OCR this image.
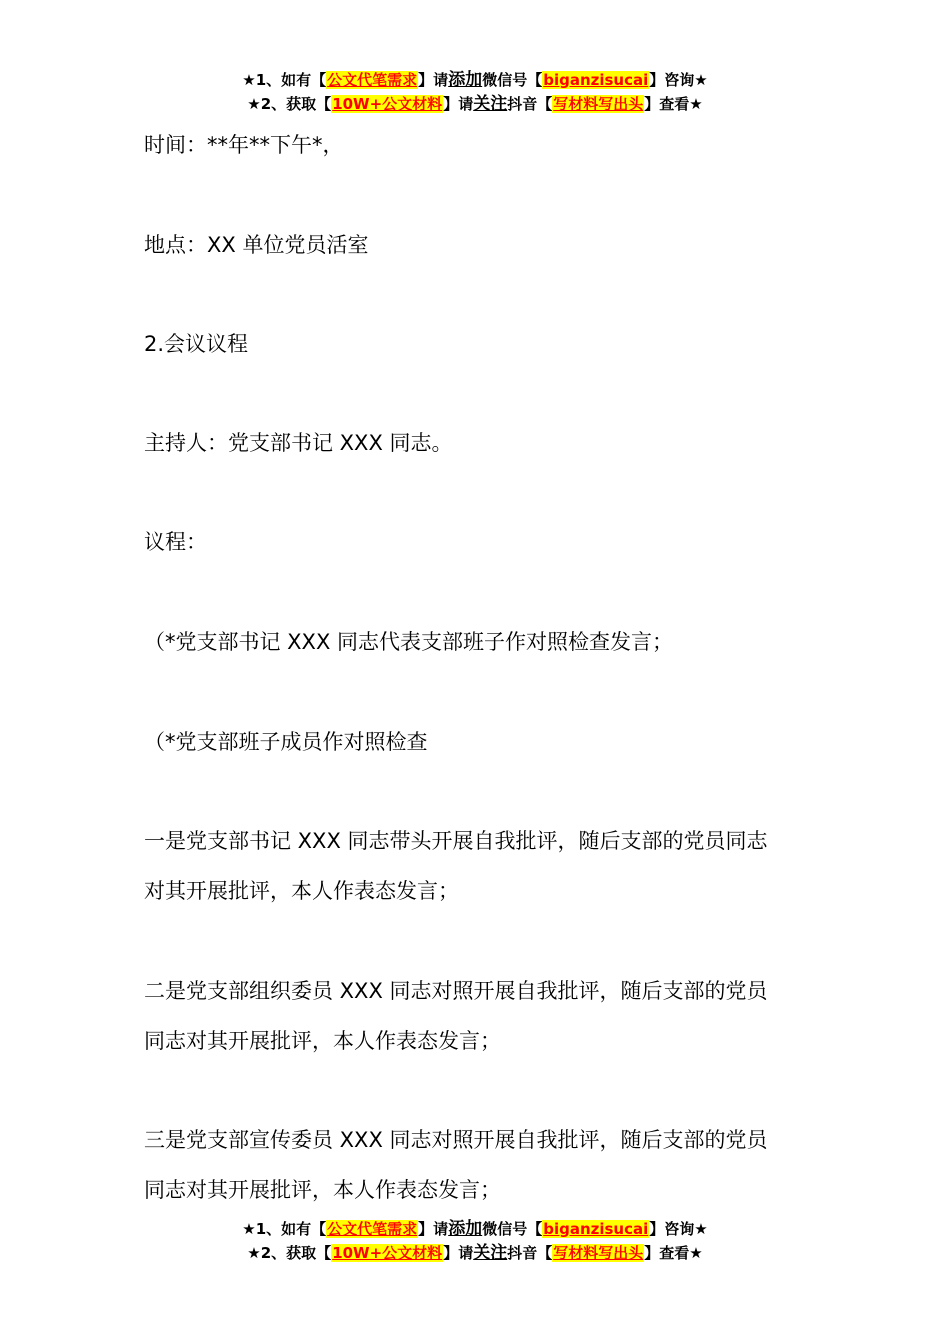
★1、如有【公文代笔需求】请添加微信号【biganzisucai】咨询★
★2、获取【10W+公文材料】请关注抖音【写材料写出头】查看★
时间：**年**下午*，
地点：XX 单位党员活室
2.会议议程
主持人：党支部书记 XXX 同志。
议程：
（*党支部书记 XXX 同志代表支部班子作对照检查发言；
（*党支部班子成员作对照检查
一是党支部书记 XXX 同志带头开展自我批评，随后支部的党员同志
对其开展批评，本人作表态发言；
二是党支部组织委员 XXX 同志对照开展自我批评，随后支部的党员
同志对其开展批评，本人作表态发言；
三是党支部宣传委员 XXX 同志对照开展自我批评，随后支部的党员
同志对其开展批评，本人作表态发言；
★1、如有【公文代笔需求】请添加微信号【biganzisucai】咨询★
★2、获取【10W+公文材料】请关注抖音【写材料写出头】查看★
